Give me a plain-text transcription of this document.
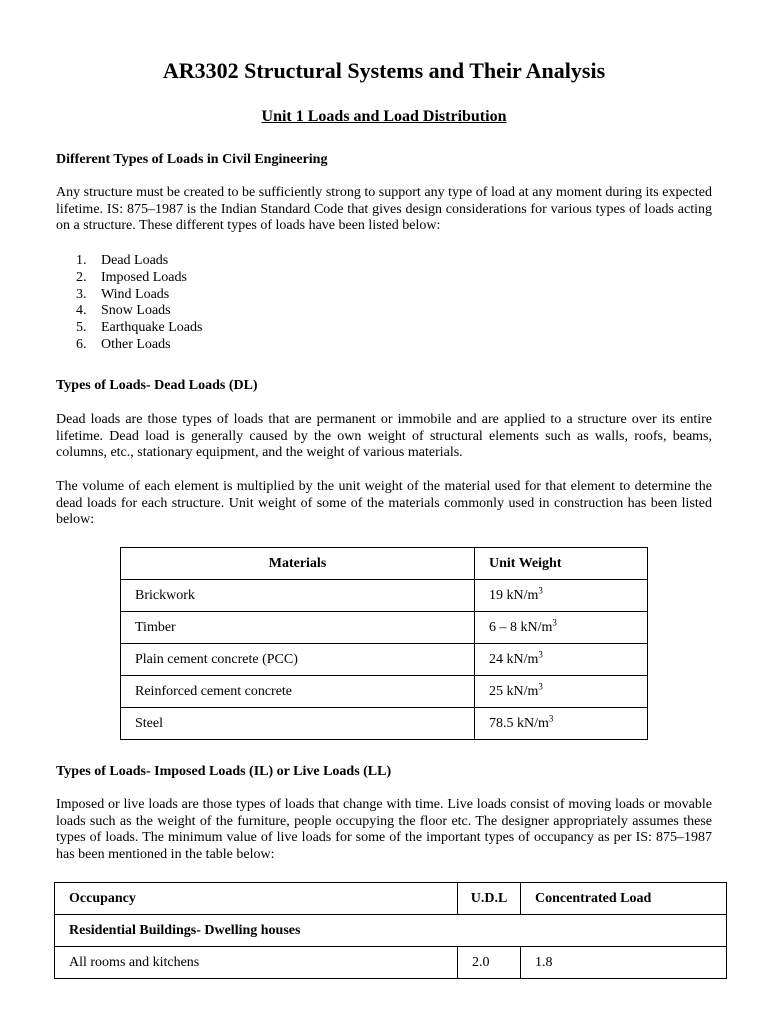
AR3302 Structural Systems and Their Analysis
Unit 1 Loads and Load Distribution

Different Types of Loads in Civil Engineering

Any structure must be created to be sufficiently strong to support any type of load at any moment during its expected lifetime. IS: 875–1987 is the Indian Standard Code that gives design considerations for various types of loads acting on a structure. These different types of loads have been listed below:

1.	Dead Loads
2.	Imposed Loads
3.	Wind Loads
4.	Snow Loads
5.	Earthquake Loads
6.	Other Loads

Types of Loads- Dead Loads (DL)

Dead loads are those types of loads that are permanent or immobile and are applied to a structure over its entire lifetime. Dead load is generally caused by the own weight of structural elements such as walls, roofs, beams, columns, etc., stationary equipment, and the weight of various materials.

The volume of each element is multiplied by the unit weight of the material used for that element to determine the dead loads for each structure. Unit weight of some of the materials commonly used in construction has been listed below:

Materials	Unit Weight
Brickwork	19 $kN/m^3$
Timber	6 – 8 $kN/m^3$
Plain cement concrete (PCC)	24 $kN/m^3$
Reinforced cement concrete	25 $kN/m^3$
Steel	78.5 $kN/m^3$

Types of Loads- Imposed Loads (IL) or Live Loads (LL)

Imposed or live loads are those types of loads that change with time. Live loads consist of moving loads or movable loads such as the weight of the furniture, people occupying the floor etc. The designer appropriately assumes these types of loads. The minimum value of live loads for some of the important types of occupancy as per IS: 875–1987 has been mentioned in the table below:

Occupancy	U.D.L	Concentrated Load
Residential Buildings- Dwelling houses		
All rooms and kitchens	2.0	1.8
